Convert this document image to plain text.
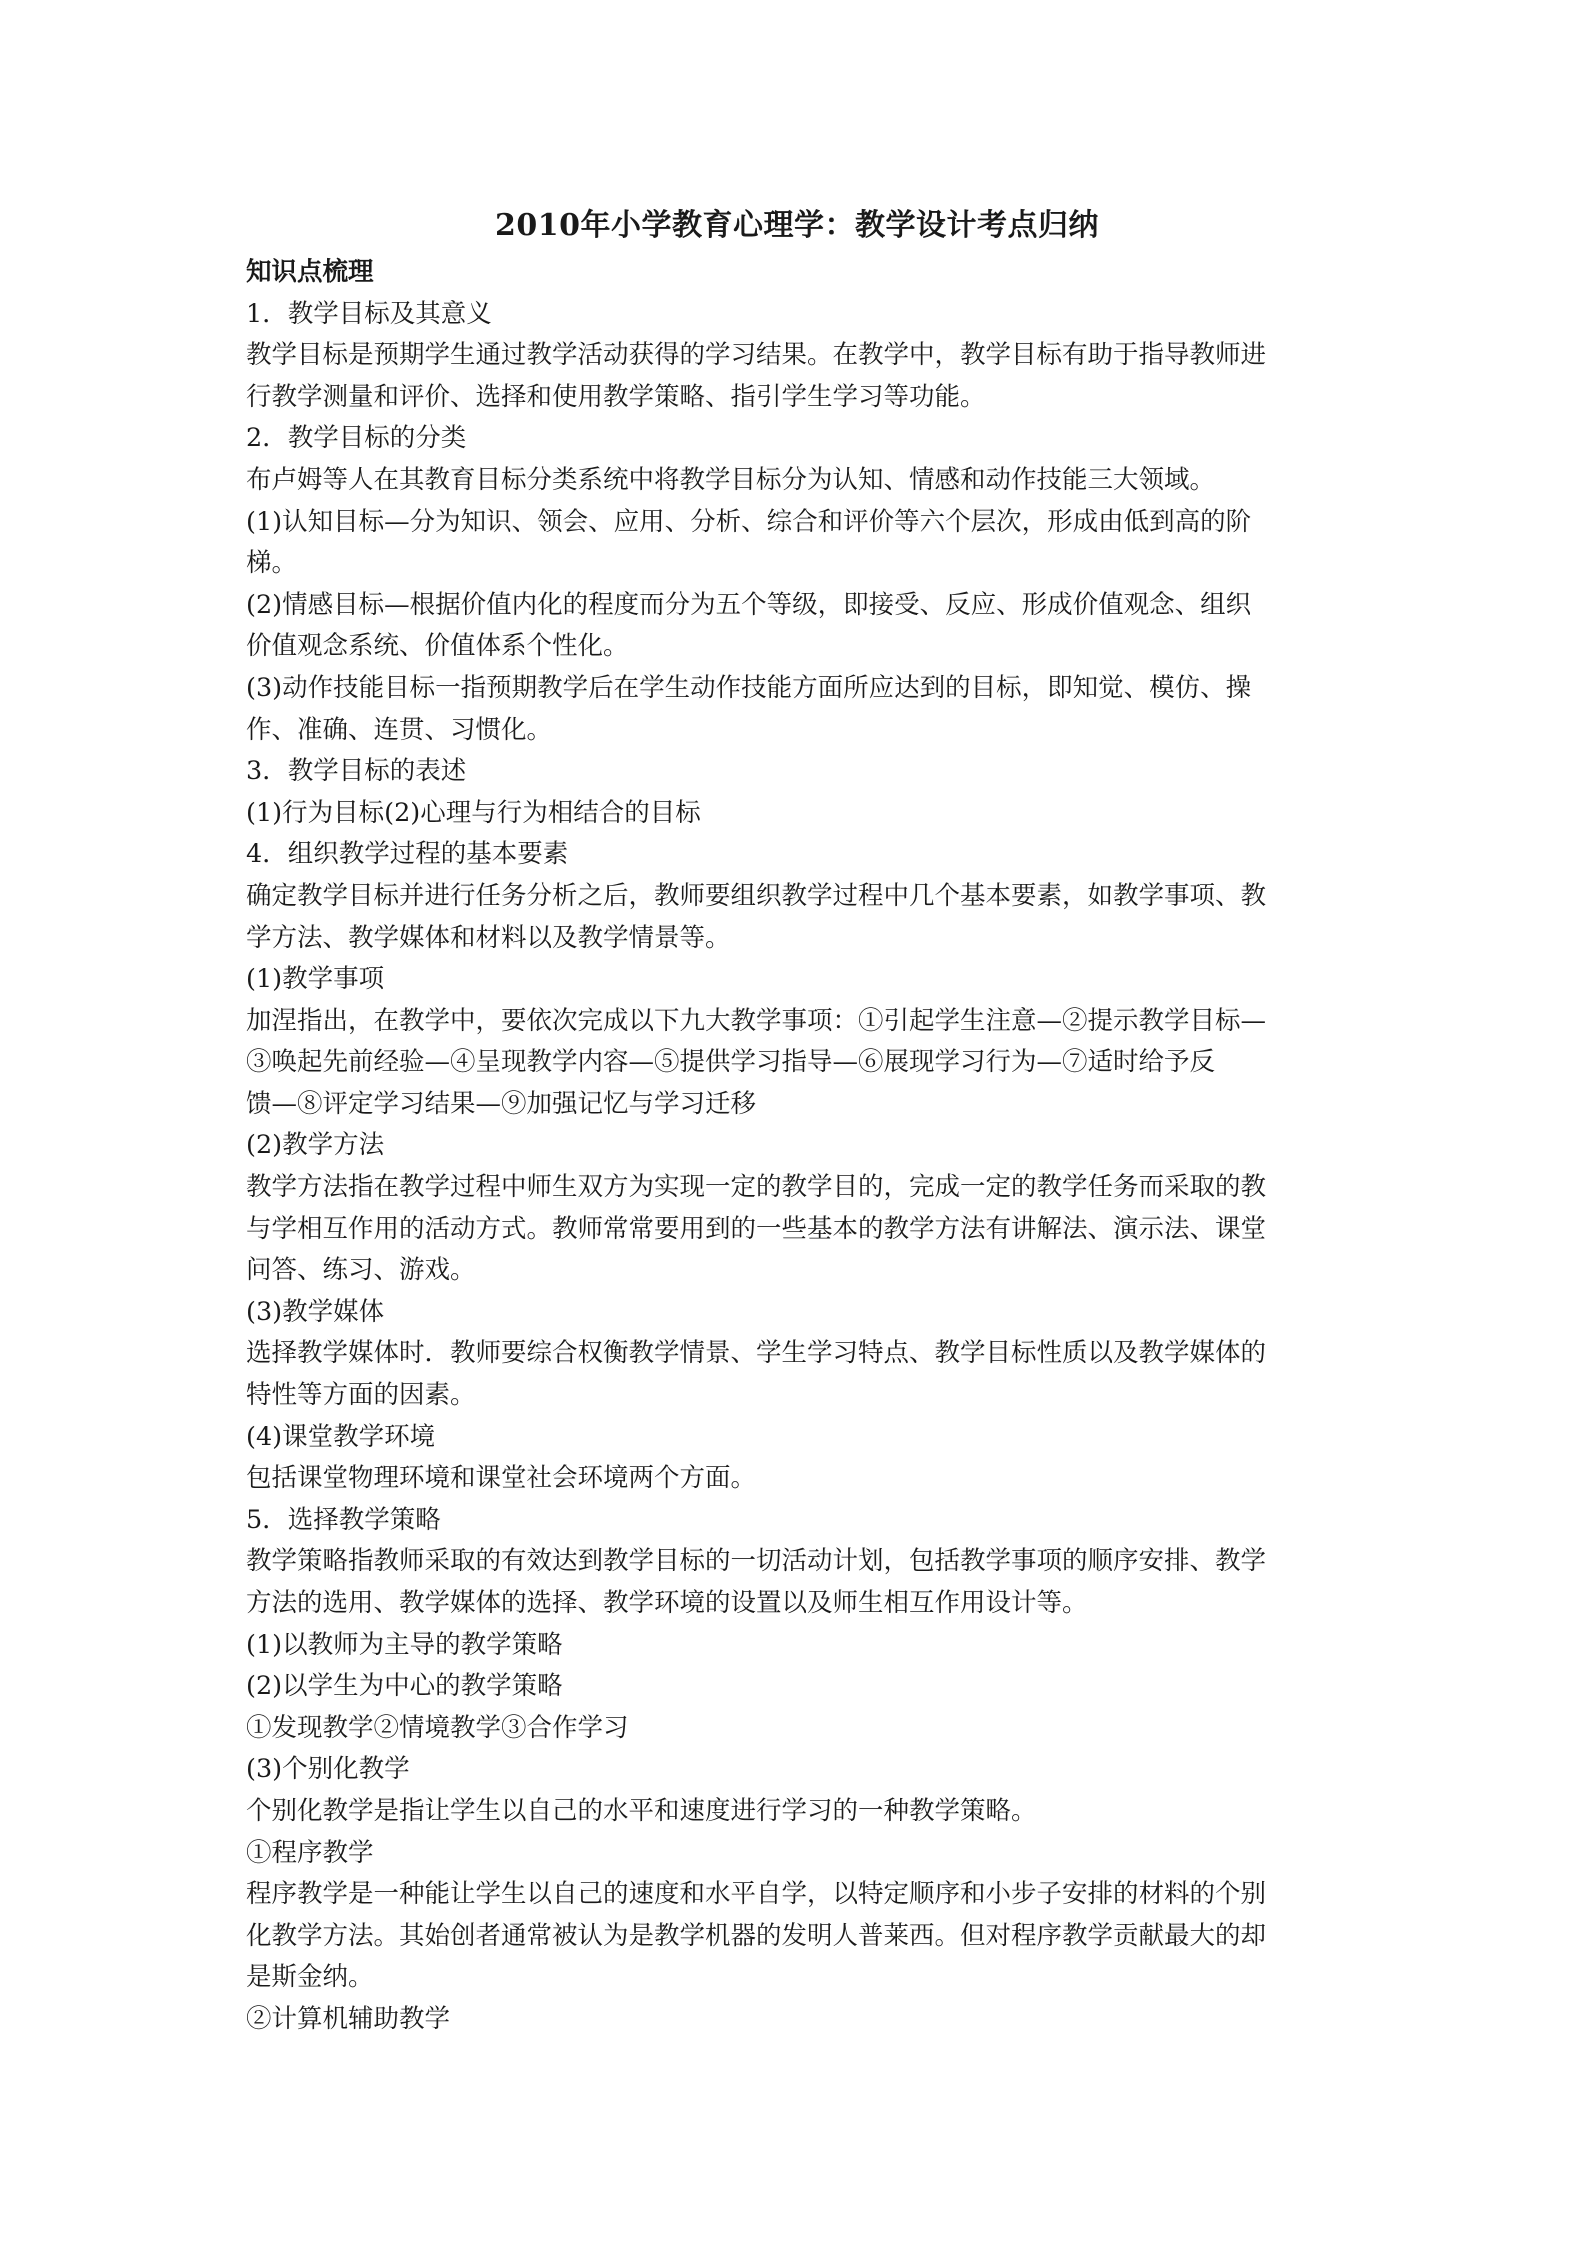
2010年小学教育心理学：教学设计考点归纳
知识点梳理
1．教学目标及其意义
教学目标是预期学生通过教学活动获得的学习结果。在教学中，教学目标有助于指导教师进
行教学测量和评价、选择和使用教学策略、指引学生学习等功能。
2．教学目标的分类
布卢姆等人在其教育目标分类系统中将教学目标分为认知、情感和动作技能三大领域。
(1)认知目标—分为知识、领会、应用、分析、综合和评价等六个层次，形成由低到高的阶
梯。
(2)情感目标—根据价值内化的程度而分为五个等级，即接受、反应、形成价值观念、组织
价值观念系统、价值体系个性化。
(3)动作技能目标一指预期教学后在学生动作技能方面所应达到的目标，即知觉、模仿、操
作、准确、连贯、习惯化。
3．教学目标的表述
(1)行为目标(2)心理与行为相结合的目标
4．组织教学过程的基本要素
确定教学目标并进行任务分析之后，教师要组织教学过程中几个基本要素，如教学事项、教
学方法、教学媒体和材料以及教学情景等。
(1)教学事项
加涅指出，在教学中，要依次完成以下九大教学事项：①引起学生注意—②提示教学目标—
③唤起先前经验—④呈现教学内容—⑤提供学习指导—⑥展现学习行为—⑦适时给予反
馈—⑧评定学习结果—⑨加强记忆与学习迁移
(2)教学方法
教学方法指在教学过程中师生双方为实现一定的教学目的，完成一定的教学任务而采取的教
与学相互作用的活动方式。教师常常要用到的一些基本的教学方法有讲解法、演示法、课堂
问答、练习、游戏。
(3)教学媒体
选择教学媒体时．教师要综合权衡教学情景、学生学习特点、教学目标性质以及教学媒体的
特性等方面的因素。
(4)课堂教学环境
包括课堂物理环境和课堂社会环境两个方面。
5．选择教学策略
教学策略指教师采取的有效达到教学目标的一切活动计划，包括教学事项的顺序安排、教学
方法的选用、教学媒体的选择、教学环境的设置以及师生相互作用设计等。
(1)以教师为主导的教学策略
(2)以学生为中心的教学策略
①发现教学②情境教学③合作学习
(3)个别化教学
个别化教学是指让学生以自己的水平和速度进行学习的一种教学策略。
①程序教学
程序教学是一种能让学生以自己的速度和水平自学，以特定顺序和小步子安排的材料的个别
化教学方法。其始创者通常被认为是教学机器的发明人普莱西。但对程序教学贡献最大的却
是斯金纳。
②计算机辅助教学
